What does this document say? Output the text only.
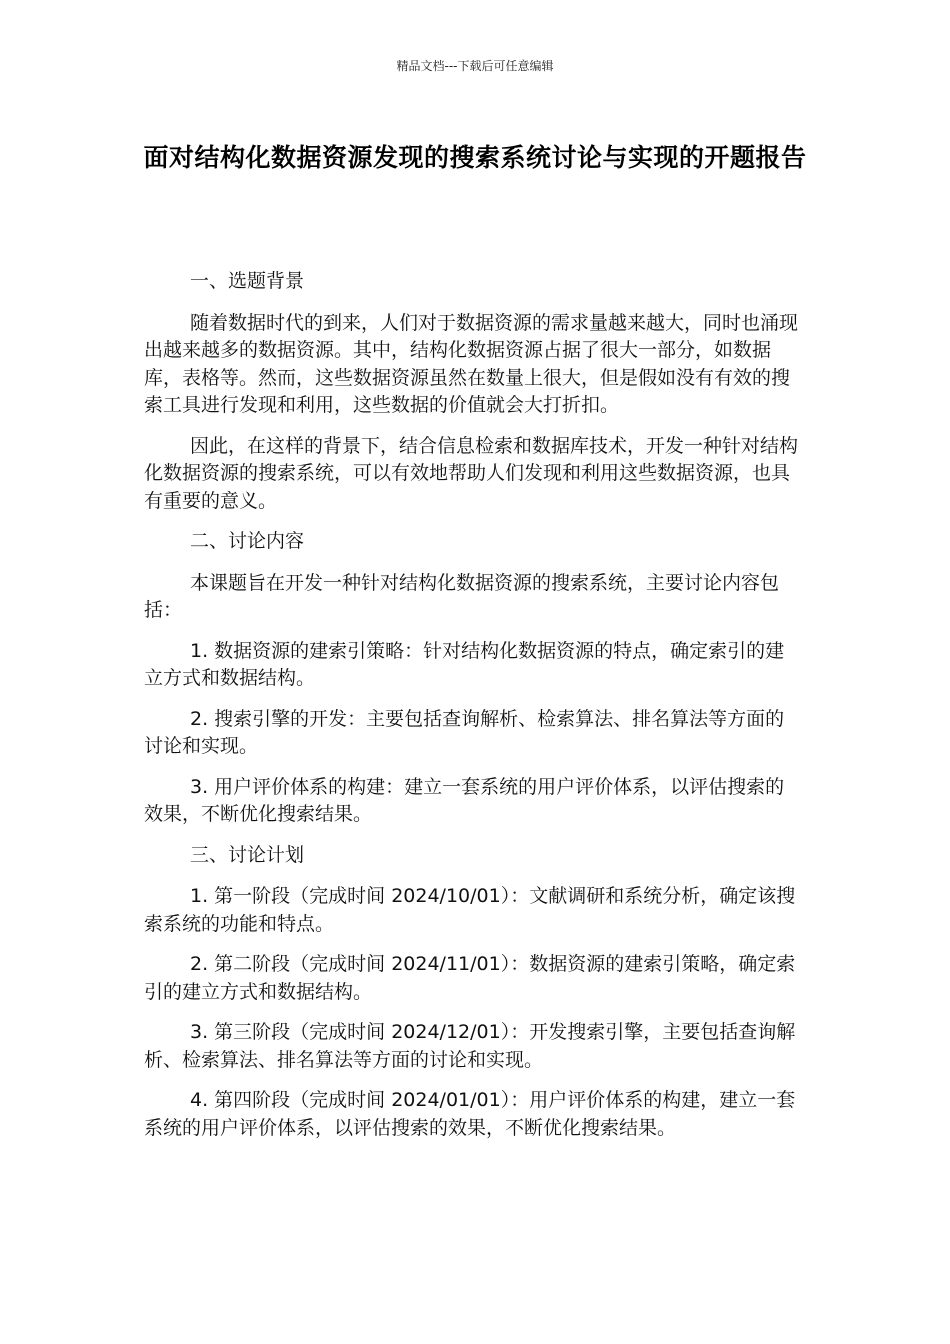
精品文档---下载后可任意编辑
面对结构化数据资源发现的搜索系统讨论与实现的开题报告

一、选题背景

随着数据时代的到来，人们对于数据资源的需求量越来越大，同时也涌现出越来越多的数据资源。其中，结构化数据资源占据了很大一部分，如数据库，表格等。然而，这些数据资源虽然在数量上很大，但是假如没有有效的搜索工具进行发现和利用，这些数据的价值就会大打折扣。

因此，在这样的背景下，结合信息检索和数据库技术，开发一种针对结构化数据资源的搜索系统，可以有效地帮助人们发现和利用这些数据资源，也具有重要的意义。

二、讨论内容

本课题旨在开发一种针对结构化数据资源的搜索系统，主要讨论内容包括：

1. 数据资源的建索引策略：针对结构化数据资源的特点，确定索引的建立方式和数据结构。

2. 搜索引擎的开发：主要包括查询解析、检索算法、排名算法等方面的讨论和实现。

3. 用户评价体系的构建：建立一套系统的用户评价体系，以评估搜索的效果，不断优化搜索结果。

三、讨论计划

1. 第一阶段（完成时间 2024/10/01）：文献调研和系统分析，确定该搜索系统的功能和特点。

2. 第二阶段（完成时间 2024/11/01）：数据资源的建索引策略，确定索引的建立方式和数据结构。

3. 第三阶段（完成时间 2024/12/01）：开发搜索引擎，主要包括查询解析、检索算法、排名算法等方面的讨论和实现。

4. 第四阶段（完成时间 2024/01/01）：用户评价体系的构建，建立一套系统的用户评价体系，以评估搜索的效果，不断优化搜索结果。
